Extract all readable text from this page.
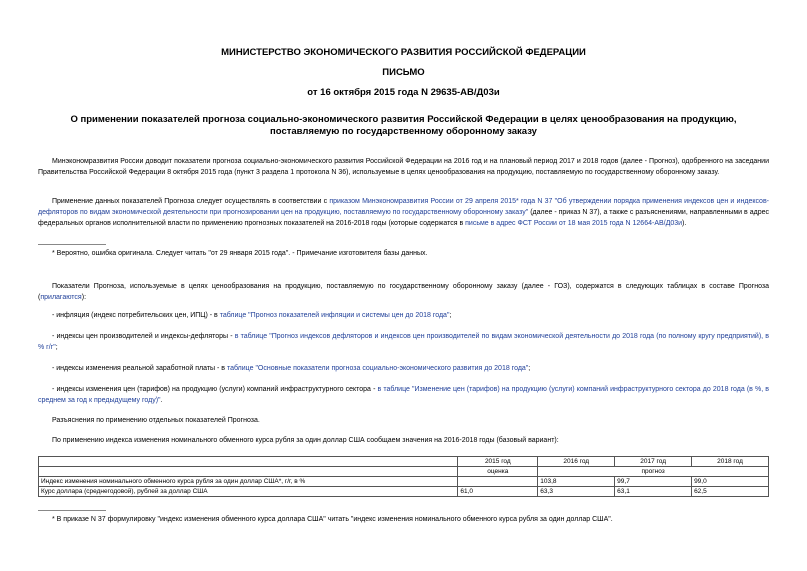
МИНИСТЕРСТВО ЭКОНОМИЧЕСКОГО РАЗВИТИЯ РОССИЙСКОЙ ФЕДЕРАЦИИ
ПИСЬМО
от 16 октября 2015 года N 29635-АВ/Д03и
О применении показателей прогноза социально-экономического развития Российской Федерации в целях ценообразования на продукцию, поставляемую по государственному оборонному заказу
Минэкономразвития России доводит показатели прогноза социально-экономического развития Российской Федерации на 2016 год и на плановый период 2017 и 2018 годов (далее - Прогноз), одобренного на заседании Правительства Российской Федерации 8 октября 2015 года (пункт 3 раздела 1 протокола N 36), используемые в целях ценообразования на продукцию, поставляемую по государственному оборонному заказу.
Применение данных показателей Прогноза следует осуществлять в соответствии с приказом Минэкономразвития России от 29 апреля 2015* года N 37 "Об утверждении порядка применения индексов цен и индексов-дефляторов по видам экономической деятельности при прогнозировании цен на продукцию, поставляемую по государственному оборонному заказу" (далее - приказ N 37), а также с разъяснениями, направленными в адрес федеральных органов исполнительной власти по применению прогнозных показателей на 2016-2018 годы (которые содержатся в письме в адрес ФСТ России от 18 мая 2015 года N 12664-АВ/Д03и).
* Вероятно, ошибка оригинала. Следует читать "от 29 января 2015 года". - Примечание изготовителя базы данных.
Показатели Прогноза, используемые в целях ценообразования на продукцию, поставляемую по государственному оборонному заказу (далее - ГОЗ), содержатся в следующих таблицах в составе Прогноза (прилагаются):
- инфляция (индекс потребительских цен, ИПЦ) - в таблице "Прогноз показателей инфляции и системы цен до 2018 года";
- индексы цен производителей и индексы-дефляторы - в таблице "Прогноз индексов дефляторов и индексов цен производителей по видам экономической деятельности до 2018 года (по полному кругу предприятий), в % г/г";
- индексы изменения реальной заработной платы - в таблице "Основные показатели прогноза социально-экономического развития до 2018 года";
- индексы изменения цен (тарифов) на продукцию (услуги) компаний инфраструктурного сектора - в таблице "Изменение цен (тарифов) на продукцию (услуги) компаний инфраструктурного сектора до 2018 года (в %, в среднем за год к предыдущему году)".
Разъяснения по применению отдельных показателей Прогноза.
По применению индекса изменения номинального обменного курса рубля за один доллар США сообщаем значения на 2016-2018 годы (базовый вариант):
	2015 год	2016 год	2017 год	2018 год
	оценка	прогноз		
Индекс изменения номинального обменного курса рубля за один доллар США*, г/г, в %		103,8	99,7	99,0
Курс доллара (среднегодовой), рублей за доллар США	61,0	63,3	63,1	62,5
* В приказе N 37 формулировку "индекс изменения обменного курса доллара США" читать "индекс изменения номинального обменного курса рубля за один доллар США".
